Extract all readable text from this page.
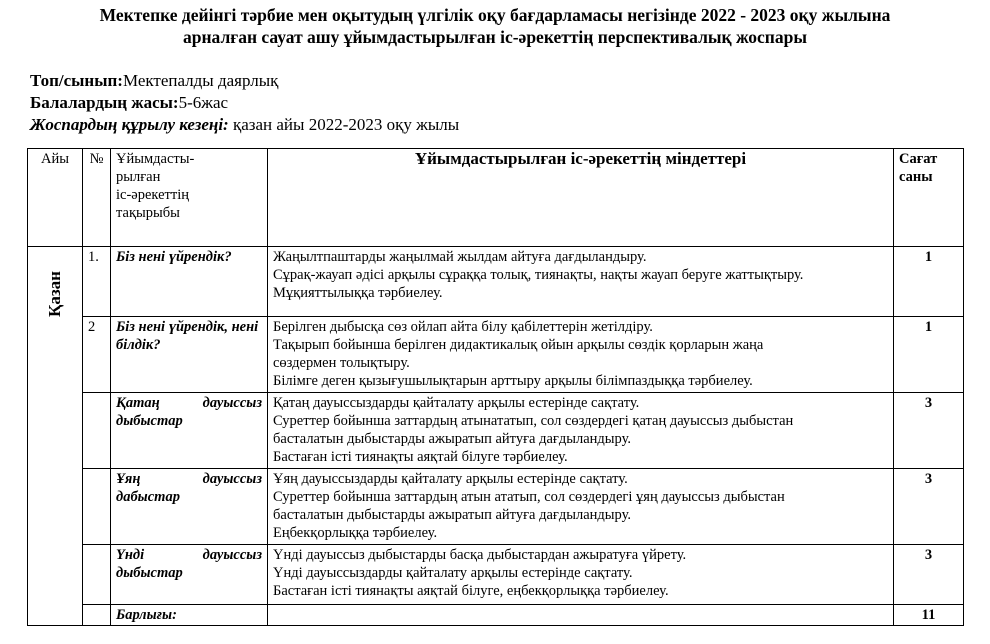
Мектепке дейінгі тәрбие мен оқытудың үлгілік оқу бағдарламасы негізінде 2022 - 2023 оқу жылына
арналған сауат ашу ұйымдастырылған іс-әрекеттің перспективалық жоспары
Топ/сынып:Мектепалды даярлық
Балалардың жасы:5-6жас
Жоспардың құрылу кезеңі: қазан айы 2022-2023 оқу жылы
Айы	№	Ұйымдасты-
рылған
іс-әрекеттің
тақырыбы	Ұйымдастырылған іс-әрекеттің міндеттері	Сағат
саны

Қазан	1.	Біз нені үйрендік?	Жаңылтпаштарды жаңылмай жылдам айтуға дағдыландыру.
Сұрақ-жауап әдісі арқылы сұраққа толық, тиянақты, нақты жауап беруге жаттықтыру.
Мұқияттылыққа тәрбиелеу.	1
	2	Біз нені үйрендік, нені білдік?	Берілген дыбысқа сөз ойлап айта білу қабілеттерін жетілдіру.
Тақырып бойынша берілген дидактикалық ойын арқылы сөздік қорларын жаңа
сөздермен толықтыру.
Білімге деген қызығушылықтарын арттыру арқылы білімпаздыққа тәрбиелеу.	1

		Қатаң дауыссыз дыбыстар	Қатаң дауыссыздарды қайталату арқылы естерінде сақтату.
Суреттер бойынша заттардың атынататып, сол сөздердегі қатаң дауыссыз дыбыстан
басталатын дыбыстарды ажыратып айтуға дағдыландыру.
Бастаған істі тиянақты аяқтай білуге тәрбиелеу.	3

		Ұяң дауыссыз дабыстар	Ұяң дауыссыздарды қайталату арқылы естерінде сақтату.
Суреттер бойынша заттардың атын ататып, сол сөздердегі ұяң дауыссыз дыбыстан
басталатын дыбыстарды ажыратып айтуға дағдыландыру.
Еңбекқорлыққа тәрбиелеу.	3

		Үнді дауыссыз дыбыстар	Үнді дауыссыз дыбыстарды басқа дыбыстардан ажыратуға үйрету.
Үнді дауыссыздарды қайталату арқылы естерінде сақтату.
Бастаған істі тиянақты аяқтай білуге, еңбекқорлыққа тәрбиелеу.	3
		Барлығы:		11
